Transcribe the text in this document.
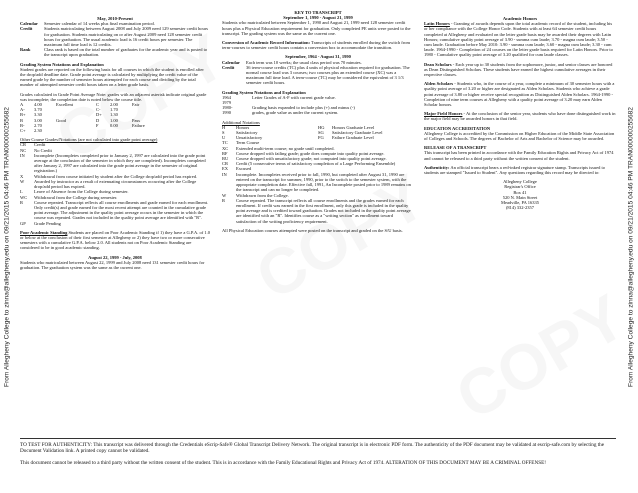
From Allegheny College to zinna@allegheny.edu on 09/21/2015 04:46 PM TRAN000000255682	From Allegheny College to zinna@allegheny.edu on 09/21/2015 04:46 PM TRAN000000255682

May, 2010-Present

Calendar	Semester calendar of 14 weeks plus final examination period.
Credit	Students matriculating between August 2008 and July 2009 need 129 semester credit hours for graduation. Students matriculating on or after August 2009 need 128 semester credit hours for graduation. The usual academic load is 16 credit hours per semester. The maximum full time load is 12 credits.
Rank	Class rank is based on the total number of graduates for the academic year and is posted to the transcript upon graduation.

Grading System Notations and Explanation

Student grades are reported on the following basis for all courses in which the student is enrolled after the drop/add deadline date. Grade point average is calculated by multiplying the credit value of the earned grade by the number of semester hours attempted for each course and dividing by the total number of attempted semester credit hours taken on a letter grade basis.

Grades calculated in Grade Point Average Note: grades with an adjacent asterisk indicate original grade was incomplete; the completion date is noted below the course title.

A	4.00	Excellent	C	2.00	Fair
A-	3.70	C-	1.70
B+	3.30	D+	1.30
B	3.00	Good	D	1.00	Pass
B-	2.70	F	0.00	Failure
C+	2.30

Other Course Grades/Notations (are not calculated into grade point average)

CR	Credit
NC	No Credit
IN	Incomplete (Incompletes completed prior to January 2, 1997 are calculated into the grade point average at the conclusion of the semester in which they are completed). Incompletes completed after January 2, 1997 are calculated into the grade point average in the semester of original registration.)
X	Withdrawal from course initiated by student after the College drop/add period has expired.
W	Awarded by instructor as a result of extenuating circumstances occurring after the College drop/add period has expired.
L	Leave of Absence from the College during semester.
WC	Withdrawal from the College during semester.
R	Course repeated. Transcript reflects all course enrollments and grade earned for each enrollment. Only credit(s) and grade earned for the most recent attempt are counted in the cumulative grade point average. The adjustment in the quality point average occurs in the semester in which the course was repeated. Grades not included in the quality point average are identified with "R".
GP	Grade Pending

Poor Academic Standing Students are placed on Poor Academic Standing if 1) they have a G.P.A. of 1.0 or below at the conclusion of their first semester at Allegheny or 2) they have two or more consecutive semesters with a cumulative G.P.A. below 2.0. All students not on Poor Academic Standing are considered to be in good academic standing.

August 22, 1999 - July, 2008

Students who matriculated between August 22, 1999 and July 2008 need 131 semester credit hours for graduation. The graduation system was the same as the current one.

KEY TO TRANSCRIPT

September 1, 1990 - August 21, 1999

Students who matriculated between September 1, 1990 and August 21, 1999 need 128 semester credit hours plus a Physical Education requirement for graduation. Only completed PE units were posted to the transcript. The grading system was the same as the current one.

Conversion of Academic Record Information: Transcripts of students enrolled during the switch from term-courses to semester credit hours contain a conversion box to accommodate the transition.

September, 1964 - August 31, 1990

Calendar	Each term was 10 weeks; the usual class period was 70 minutes.
Credit	36 term-course credits (TC) plus 4 units of physical education required for graduation. The normal course load was 3 courses; two courses plus an extended course (XC) was a maximum full time load. A term-course (TC) may be considered the equivalent of 3 1/3 semester credit hours.

Grading System Notations and Explanation

1964	Letter Grades of A-F with current grade value.
1979
1980-	Grading basis expanded to include plus (+) and minus (-)
1990	grades, grade value as under the current system.

Additional Notations

H	Honors	HG	Honors Graduate Level
S	Satisfactory	SG	Satisfactory Graduate Level
U	Unsatisfactory	FG	Failure Graduate Level
TC	Term Course
XC	Extended multi-term course; no grade until completed.
RF	Course dropped with failing grade; grade does compute into quality point average.
RU	Course dropped with unsatisfactory grade; not computed into quality point average.
CR	Credit (5 consecutive terms of satisfactory completion of a Large Performing Ensemble)
EX	Excused
IN	Incomplete. Incompletes received prior to fall, 1990, but completed after August 31, 1990 are entered on the transcript for summer, 1990, prior to the switch to the semester system, with the appropriate completion date. Effective fall, 1991, An Incomplete posted prior to 1989 remains on the transcript and can no longer be completed.
W	Withdrawn from the College.
R	Course repeated. The transcript reflects all course enrollments and the grades earned for each enrollment. If credit was earned in the first enrollment, only this grade is included in the quality point average and is credited toward graduation. Grades not included in the quality point average are identified with an "R". Identifies course as a "writing section" as enrollment toward satisfaction of the writing proficiency requirement.

All Physical Education courses attempted were posted on the transcript and graded on the S/U basis.

Academic Honors

Latin Honors - Granting of awards depends upon the total academic record of the student, including his or her compliance with the College Honor Code. Students with at least 64 semester credit hours completed at Allegheny and evaluated on the letter grade basis may be awarded their degrees with Latin Honors; cumulative quality point average of 3.90 - summa cum laude; 3.70 - magna cum laude; 3.50 - cum laude. Graduation before May 2010: 3.90 - summa cum laude; 3.60 - magna cum laude; 3.30 - cum laude. 1964-1990 - Completion of 24 courses on the letter grade basis required for Latin Honors. Prior to 1980 - Cumulative quality point average of 3.20 qualified for cum laude classes.

Dean Scholars - Each year up to 30 students from the sophomore, junior, and senior classes are honored as Dean Distinguished Scholars. These students have earned the highest cumulative averages in their respective classes.

Alden Scholars - Students who, in the course of a year, complete a minimum of 30 semester hours with a quality point average of 3.20 or higher are designated as Alden Scholars. Students who achieve a grade point average of 3.80 or higher receive special recognition as Distinguished Alden Scholars. 1964-1990 - Completion of nine term courses at Allegheny with a quality point average of 3.20 may earn Alden Scholar honors.

Major Field Honors - At the conclusion of the senior year, students who have done distinguished work in the major field may be awarded honors in that field.

EDUCATION ACCREDITATION

Allegheny College is accredited by the Commission on Higher Education of the Middle State Association of Colleges and Schools. The degrees of Bachelor of Arts and Bachelor of Science may be awarded.

RELEASE OF A TRANSCRIPT

This transcript has been printed in accordance with the Family Education Rights and Privacy Act of 1974 and cannot be released to a third party without the written consent of the student.

Authenticity: An official transcript bears a red-inked registrar signature stamp. Transcripts issued to students are stamped "Issued to Student". Any questions regarding this record may be directed to:

Allegheny College

Registrar's Office

Box 41

520 N. Main Street

Meadville, PA 16335

(814) 332-2357

TO TEST FOR AUTHENTICITY: This transcript was delivered through the Credentials eScrip-Safe® Global Transcript Delivery Network. The original transcript is in electronic PDF form. The authenticity of the PDF document may be validated at escrip-safe.com by selecting the Document Validation link. A printed copy cannot be validated.

This document cannot be released to a third party without the written consent of the student. This is in accordance with the Family Educational Rights and Privacy Act of 1974. ALTERATION OF THIS DOCUMENT MAY BE A CRIMINAL OFFENSE!
